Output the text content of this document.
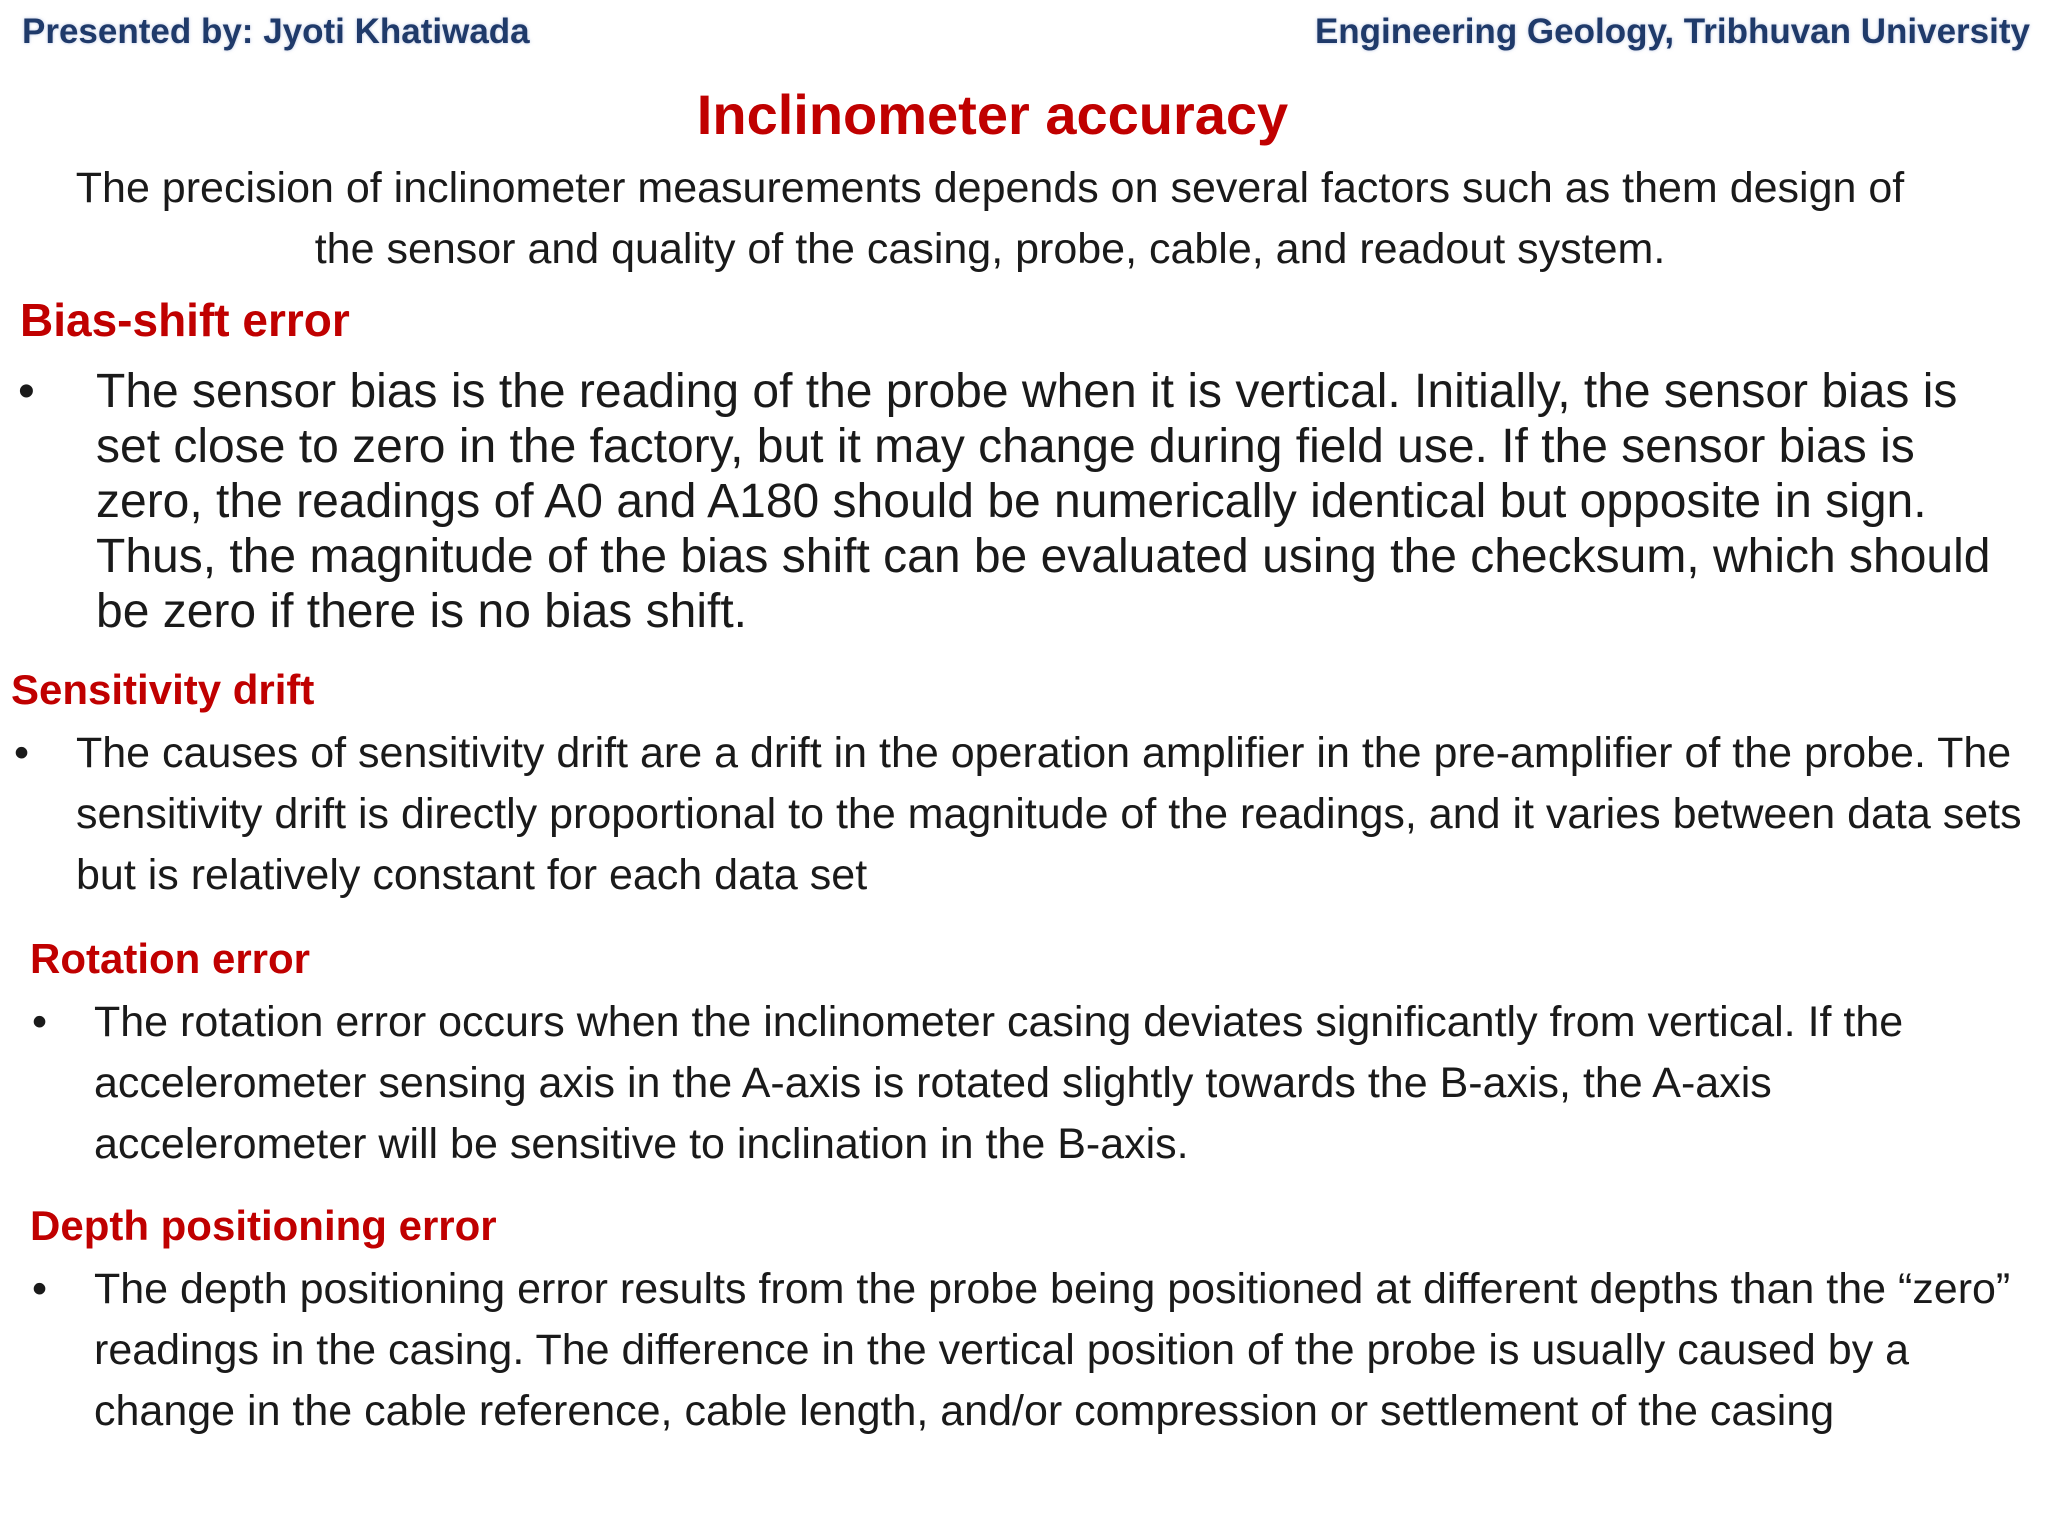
Presented by: Jyoti Khatiwada	Engineering Geology, Tribhuvan University
Inclinometer accuracy
The precision of inclinometer measurements depends on several factors such as them design of the sensor and quality of the casing, probe, cable, and readout system.
Bias-shift error
•	The sensor bias is the reading of the probe when it is vertical. Initially, the sensor bias is set close to zero in the factory, but it may change during field use. If the sensor bias is zero, the readings of A0 and A180 should be numerically identical but opposite in sign. Thus, the magnitude of the bias shift can be evaluated using the checksum, which should be zero if there is no bias shift.
Sensitivity drift
•	The causes of sensitivity drift are a drift in the operation amplifier in the pre-amplifier of the probe. The sensitivity drift is directly proportional to the magnitude of the readings, and it varies between data sets but is relatively constant for each data set
Rotation error
•	The rotation error occurs when the inclinometer casing deviates significantly from vertical. If the accelerometer sensing axis in the A-axis is rotated slightly towards the B-axis, the A-axis accelerometer will be sensitive to inclination in the B-axis.
Depth positioning error
•	The depth positioning error results from the probe being positioned at different depths than the “zero” readings in the casing. The difference in the vertical position of the probe is usually caused by a change in the cable reference, cable length, and/or compression or settlement of the casing
